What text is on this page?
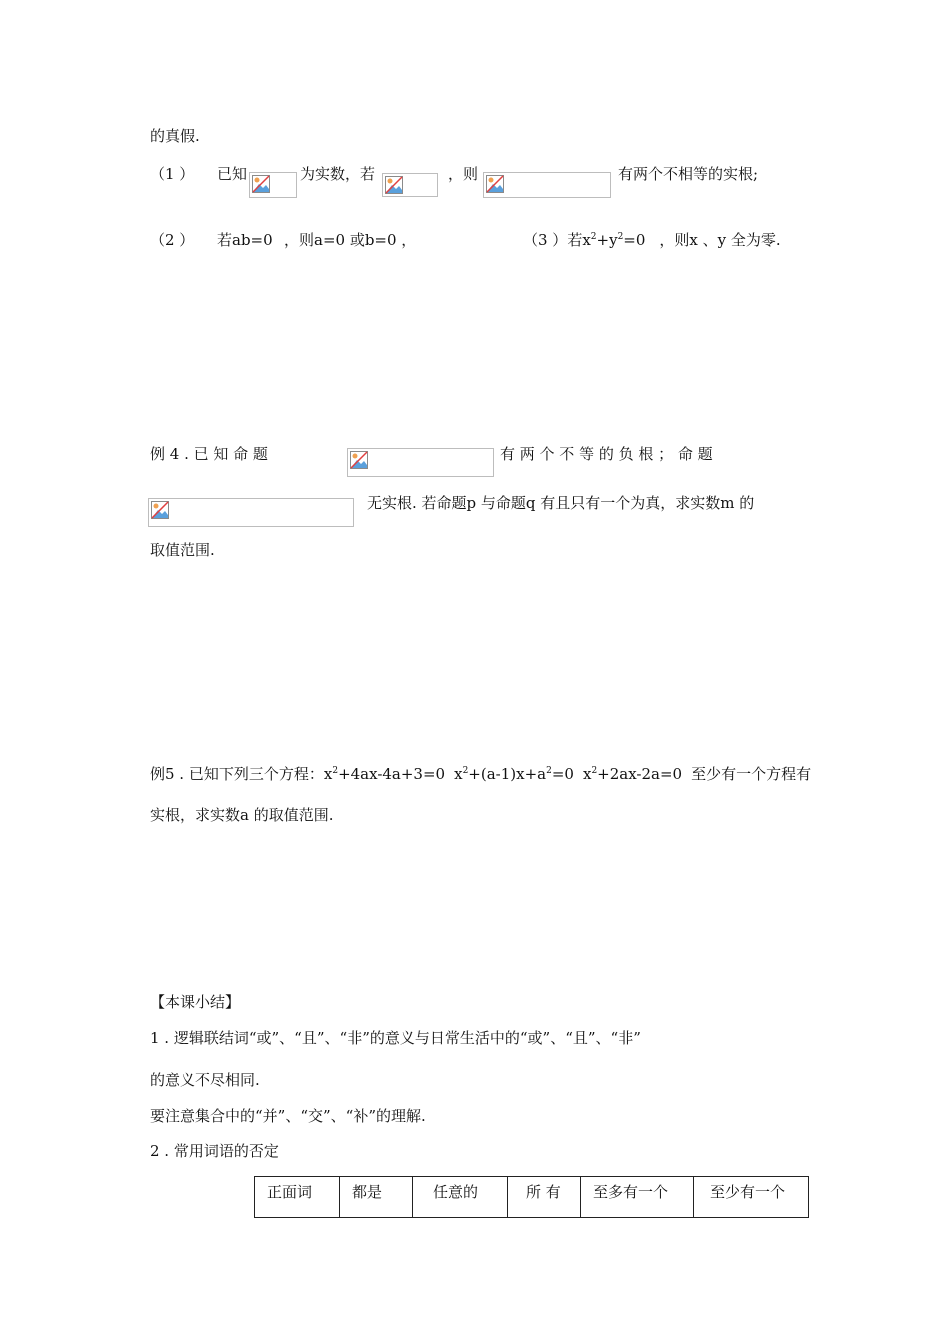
的真假.
（1 ） 已知	为实数，若	，则	有两个不相等的实根;
（2 ） 若ab=0 ，则a=0 或b=0 ，	（3 ）若$x^2+y^2=0$ ，则x 、y 全为零.
例 4 . 已 知 命 题	有 两 个 不 等 的 负 根 ； 命 题
无实根. 若命题p 与命题q 有且只有一个为真，求实数m 的
取值范围.
例5 . 已知下列三个方程：$x^2+4ax-4a+3=0$ $x^2+(a-1)x+a^2=0$ $x^2+2ax-2a=0$ 至少有一个方程有
实根，求实数a 的取值范围.
【本课小结】
1 . 逻辑联结词“或”、“且”、“非”的意义与日常生活中的“或”、“且”、“非”
的意义不尽相同.
要注意集合中的“并”、“交”、“补”的理解.
2 . 常用词语的否定
正面词	都是	任意的	所 有	至多有一个	至少有一个
